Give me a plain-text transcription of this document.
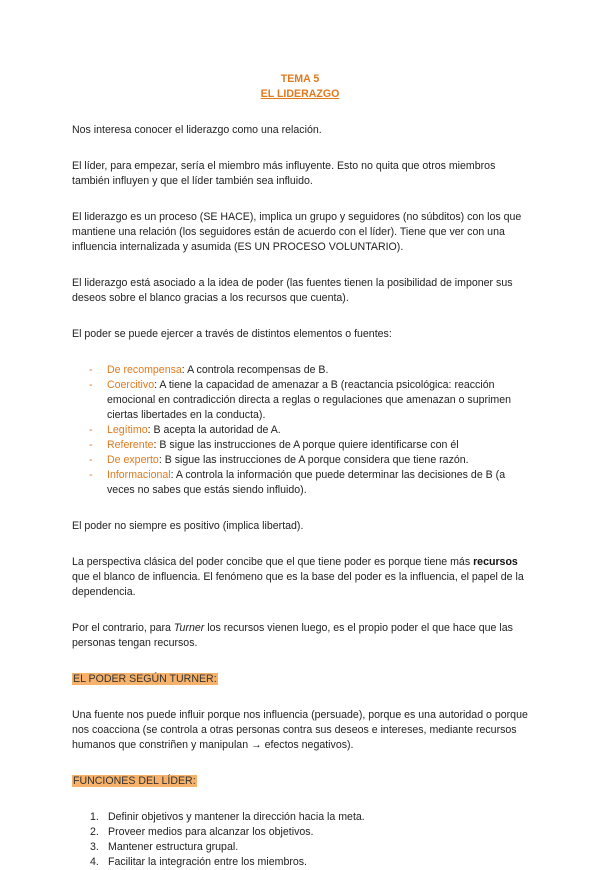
TEMA 5
EL LIDERAZGO

Nos interesa conocer el liderazgo como una relación.

El líder, para empezar, sería el miembro más influyente. Esto no quita que otros miembros también influyen y que el líder también sea influido.

El liderazgo es un proceso (SE HACE), implica un grupo y seguidores (no súbditos) con los que mantiene una relación (los seguidores están de acuerdo con el líder). Tiene que ver con una influencia internalizada y asumida (ES UN PROCESO VOLUNTARIO).

El liderazgo está asociado a la idea de poder (las fuentes tienen la posibilidad de imponer sus deseos sobre el blanco gracias a los recursos que cuenta).

El poder se puede ejercer a través de distintos elementos o fuentes:

- De recompensa: A controla recompensas de B.
- Coercitivo: A tiene la capacidad de amenazar a B (reactancia psicológica: reacción emocional en contradicción directa a reglas o regulaciones que amenazan o suprimen ciertas libertades en la conducta).
- Legítimo: B acepta la autoridad de A.
- Referente: B sigue las instrucciones de A porque quiere identificarse con él
- De experto: B sigue las instrucciones de A porque considera que tiene razón.
- Informacional: A controla la información que puede determinar las decisiones de B (a veces no sabes que estás siendo influido).

El poder no siempre es positivo (implica libertad).

La perspectiva clásica del poder concibe que el que tiene poder es porque tiene más recursos que el blanco de influencia. El fenómeno que es la base del poder es la influencia, el papel de la dependencia.

Por el contrario, para Turner los recursos vienen luego, es el propio poder el que hace que las personas tengan recursos.

EL PODER SEGÚN TURNER:

Una fuente nos puede influir porque nos influencia (persuade), porque es una autoridad o porque nos coacciona (se controla a otras personas contra sus deseos e intereses, mediante recursos humanos que constriñen y manipulan → efectos negativos).

FUNCIONES DEL LÍDER:

1. Definir objetivos y mantener la dirección hacia la meta.
2. Proveer medios para alcanzar los objetivos.
3. Mantener estructura grupal.
4. Facilitar la integración entre los miembros.
